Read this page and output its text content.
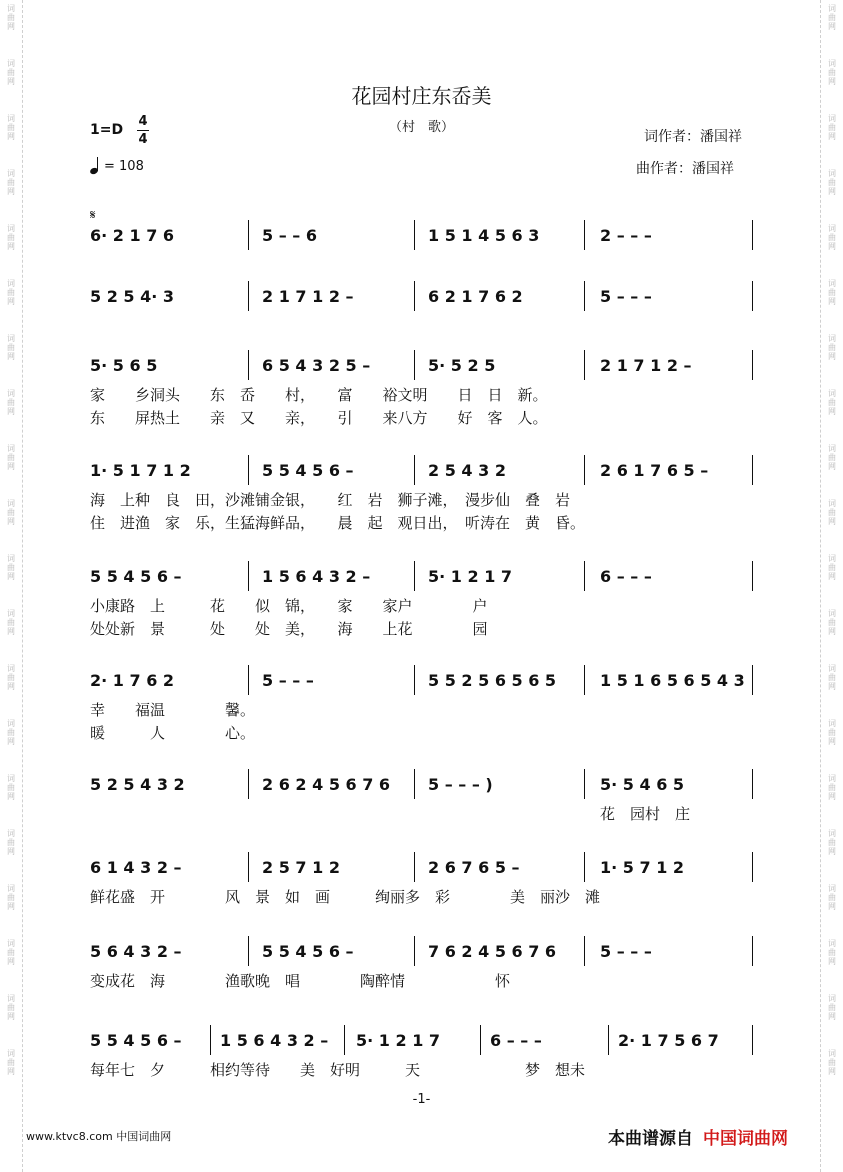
词
曲
网
词
曲
网
词
曲
网
词
曲
网
词
曲
网
词
曲
网
词
曲
网
词
曲
网
词
曲
网
词
曲
网
词
曲
网
词
曲
网
词
曲
网
词
曲
网
词
曲
网
词
曲
网
词
曲
网
词
曲
网
词
曲
网
词
曲
网
词
曲
网
词
曲
网
词
曲
网
词
曲
网
词
曲
网
词
曲
网
词
曲
网
词
曲
网
词
曲
网
词
曲
网
词
曲
网
词
曲
网
词
曲
网
词
曲
网
词
曲
网
词
曲
网
词
曲
网
词
曲
网
词
曲
网
词
曲
网
花园村庄东岙美
（村　歌）
1=D
4
4
= 108
词作者：潘国祥
曲作者：潘国祥
𝄋
6· 2 1 7 6	5 – – 6	1 5 1 4 5 6 3	2 – – –
5 2 5 4· 3	2 1 7 1 2 –	6 2 1 7 6 2	5 – – –
5· 5 6 5	6 5 4 3 2 5 –	5· 5 2 5	2 1 7 1 2 –
家　　乡洞头　　东　岙　　村，　　富　　裕文明　　日　日　新。
东　　屏热土　　亲　又　　亲，　　引　　来八方　　好　客　人。
1· 5 1 7 1 2	5 5 4 5 6 –	2 5 4 3 2	2 6 1 7 6 5 –
海　上种　良　田，沙滩铺金银，　　红　岩　狮子滩，　漫步仙　叠　岩
住　进渔　家　乐，生猛海鲜品，　　晨　起　观日出，　听涛在　黄　昏。
5 5 4 5 6 –	1 5 6 4 3 2 –	5· 1 2 1 7	6 – – –
小康路　上　　　花　　似　锦，　　家　　家户　　　　户
处处新　景　　　处　　处　美，　　海　　上花　　　　园
2· 1 7 6 2	5 – – –	5 5 2 5 6 5 6 5	1 5 1 6 5 6 5 4 3
幸　　福温　　　　馨。
暖　　　人　　　　心。
5 2 5 4 3 2	2 6 2 4 5 6 7 6 5 – – – )	5· 5 4 6 5
　　　　　　　　　　　　　　　　　　　　　　　　　　　　　　　　　　花　园村　庄
6 1 4 3 2 –	2 5 7 1 2	2 6 7 6 5 –	1· 5 7 1 2
鲜花盛　开　　　　风　景　如　画　　　绚丽多　彩　　　　美　丽沙　滩
5 6 4 3 2 –	5 5 4 5 6 –	7 6 2 4 5 6 7 6	5 – – –
变成花　海　　　　渔歌晚　唱　　　　陶醉情　　　　　　怀
5 5 4 5 6 – 1 5 6 4 3 2 – 5· 1 2 1 7	6 – – –	2· 1 7 5 6 7
每年七　夕　　　相约等待　　美　好明　　　天　　　　　　　梦　想未
-1-
www.ktvc8.com 中国词曲网	本曲谱源自 中国词曲网
